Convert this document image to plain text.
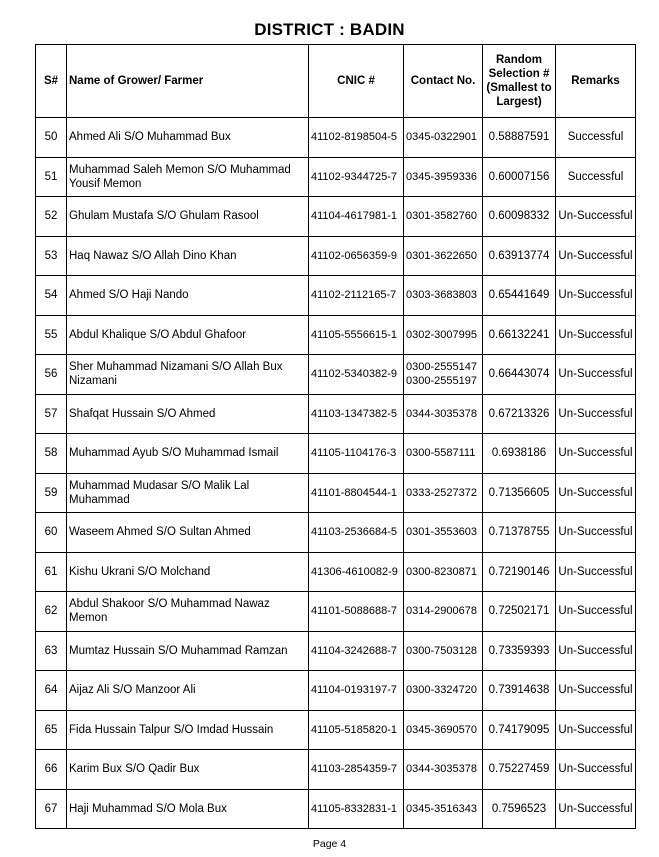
DISTRICT : BADIN
S#	Name of Grower/ Farmer	CNIC #	Contact No.	Random
Selection #
(Smallest to
Largest)	Remarks
50	Ahmed Ali S/O Muhammad Bux	41102-8198504-5	0345-0322901	0.58887591	Successful
51	Muhammad Saleh Memon S/O Muhammad Yousif Memon	41102-9344725-7	0345-3959336	0.60007156	Successful
52	Ghulam Mustafa S/O Ghulam Rasool	41104-4617981-1	0301-3582760	0.60098332	Un-Successful
53	Haq Nawaz S/O Allah Dino Khan	41102-0656359-9	0301-3622650	0.63913774	Un-Successful
54	Ahmed S/O Haji Nando	41102-2112165-7	0303-3683803	0.65441649	Un-Successful
55	Abdul Khalique S/O Abdul Ghafoor	41105-5556615-1	0302-3007995	0.66132241	Un-Successful
56	Sher Muhammad Nizamani S/O Allah Bux Nizamani	41102-5340382-9	0300-2555147
0300-2555197	0.66443074	Un-Successful
57	Shafqat Hussain S/O Ahmed	41103-1347382-5	0344-3035378	0.67213326	Un-Successful
58	Muhammad Ayub S/O Muhammad Ismail	41105-1104176-3	0300-5587111	0.6938186	Un-Successful
59	Muhammad Mudasar S/O Malik Lal Muhammad	41101-8804544-1	0333-2527372	0.71356605	Un-Successful
60	Waseem Ahmed S/O Sultan Ahmed	41103-2536684-5	0301-3553603	0.71378755	Un-Successful
61	Kishu Ukrani S/O Molchand	41306-4610082-9	0300-8230871	0.72190146	Un-Successful
62	Abdul Shakoor S/O Muhammad Nawaz Memon	41101-5088688-7	0314-2900678	0.72502171	Un-Successful
63	Mumtaz Hussain S/O Muhammad Ramzan	41104-3242688-7	0300-7503128	0.73359393	Un-Successful
64	Aijaz Ali S/O Manzoor Ali	41104-0193197-7	0300-3324720	0.73914638	Un-Successful
65	Fida Hussain Talpur S/O Imdad Hussain	41105-5185820-1	0345-3690570	0.74179095	Un-Successful
66	Karim Bux S/O Qadir Bux	41103-2854359-7	0344-3035378	0.75227459	Un-Successful
67	Haji Muhammad S/O Mola Bux	41105-8332831-1	0345-3516343	0.7596523	Un-Successful
Page 4
